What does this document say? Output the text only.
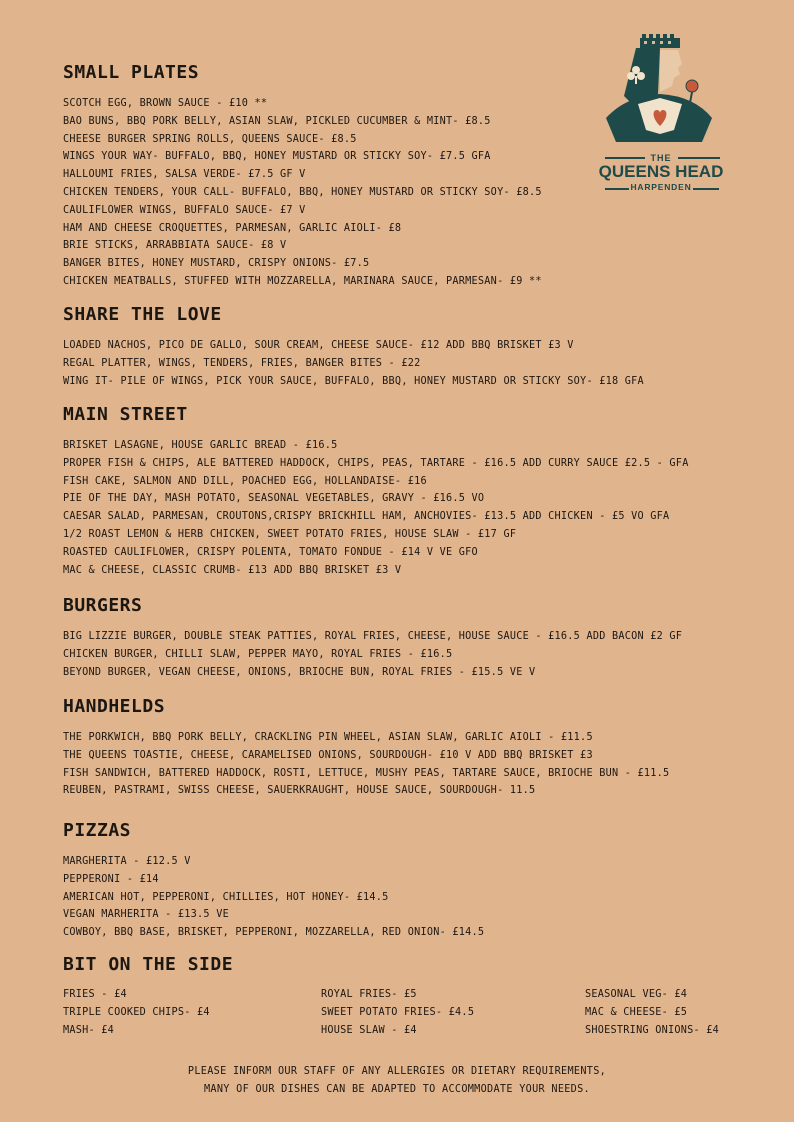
THE
QUEENS HEAD
HARPENDEN
SMALL PLATES
SCOTCH EGG, BROWN SAUCE - £10 **
BAO BUNS, BBQ PORK BELLY, ASIAN SLAW, PICKLED CUCUMBER & MINT- £8.5
CHEESE BURGER SPRING ROLLS, QUEENS SAUCE- £8.5
WINGS YOUR WAY- BUFFALO, BBQ, HONEY MUSTARD OR STICKY SOY- £7.5 GFA
HALLOUMI FRIES, SALSA VERDE- £7.5 GF V
CHICKEN TENDERS, YOUR CALL- BUFFALO, BBQ, HONEY MUSTARD OR STICKY SOY- £8.5
CAULIFLOWER WINGS, BUFFALO SAUCE- £7 V
HAM AND CHEESE CROQUETTES, PARMESAN, GARLIC AIOLI- £8
BRIE STICKS, ARRABBIATA SAUCE- £8 V
BANGER BITES, HONEY MUSTARD, CRISPY ONIONS- £7.5
CHICKEN MEATBALLS, STUFFED WITH MOZZARELLA, MARINARA SAUCE, PARMESAN- £9 **
SHARE THE LOVE
LOADED NACHOS, PICO DE GALLO, SOUR CREAM, CHEESE SAUCE- £12 ADD BBQ BRISKET £3 V
REGAL PLATTER, WINGS, TENDERS, FRIES, BANGER BITES - £22
WING IT- PILE OF WINGS, PICK YOUR SAUCE, BUFFALO, BBQ, HONEY MUSTARD OR STICKY SOY- £18 GFA
MAIN STREET
BRISKET LASAGNE, HOUSE GARLIC BREAD - £16.5
PROPER FISH & CHIPS, ALE BATTERED HADDOCK, CHIPS, PEAS, TARTARE - £16.5 ADD CURRY SAUCE £2.5 - GFA
FISH CAKE, SALMON AND DILL, POACHED EGG, HOLLANDAISE- £16
PIE OF THE DAY, MASH POTATO, SEASONAL VEGETABLES, GRAVY - £16.5 VO
CAESAR SALAD, PARMESAN, CROUTONS,CRISPY BRICKHILL HAM, ANCHOVIES- £13.5 ADD CHICKEN - £5 VO GFA
1/2 ROAST LEMON & HERB CHICKEN, SWEET POTATO FRIES, HOUSE SLAW - £17 GF
ROASTED CAULIFLOWER, CRISPY POLENTA, TOMATO FONDUE - £14 V VE GFO
MAC & CHEESE, CLASSIC CRUMB- £13 ADD BBQ BRISKET £3 V
BURGERS
BIG LIZZIE BURGER, DOUBLE STEAK PATTIES, ROYAL FRIES, CHEESE, HOUSE SAUCE - £16.5 ADD BACON £2 GF
CHICKEN BURGER, CHILLI SLAW, PEPPER MAYO, ROYAL FRIES - £16.5
BEYOND BURGER, VEGAN CHEESE, ONIONS, BRIOCHE BUN, ROYAL FRIES - £15.5 VE V
HANDHELDS
THE PORKWICH, BBQ PORK BELLY, CRACKLING PIN WHEEL, ASIAN SLAW, GARLIC AIOLI - £11.5
THE QUEENS TOASTIE, CHEESE, CARAMELISED ONIONS, SOURDOUGH- £10 V ADD BBQ BRISKET £3
FISH SANDWICH, BATTERED HADDOCK, ROSTI, LETTUCE, MUSHY PEAS, TARTARE SAUCE, BRIOCHE BUN - £11.5
REUBEN, PASTRAMI, SWISS CHEESE, SAUERKRAUGHT, HOUSE SAUCE, SOURDOUGH- 11.5
PIZZAS
MARGHERITA - £12.5 V
PEPPERONI - £14
AMERICAN HOT, PEPPERONI, CHILLIES, HOT HONEY- £14.5
VEGAN MARHERITA - £13.5 VE
COWBOY, BBQ BASE, BRISKET, PEPPERONI, MOZZARELLA, RED ONION- £14.5
BIT ON THE SIDE
FRIES - £4
TRIPLE COOKED CHIPS- £4
MASH- £4
ROYAL FRIES- £5
SWEET POTATO FRIES- £4.5
HOUSE SLAW - £4
SEASONAL VEG- £4
MAC & CHEESE- £5
SHOESTRING ONIONS- £4
PLEASE INFORM OUR STAFF OF ANY ALLERGIES OR DIETARY REQUIREMENTS,
MANY OF OUR DISHES CAN BE ADAPTED TO ACCOMMODATE YOUR NEEDS.
